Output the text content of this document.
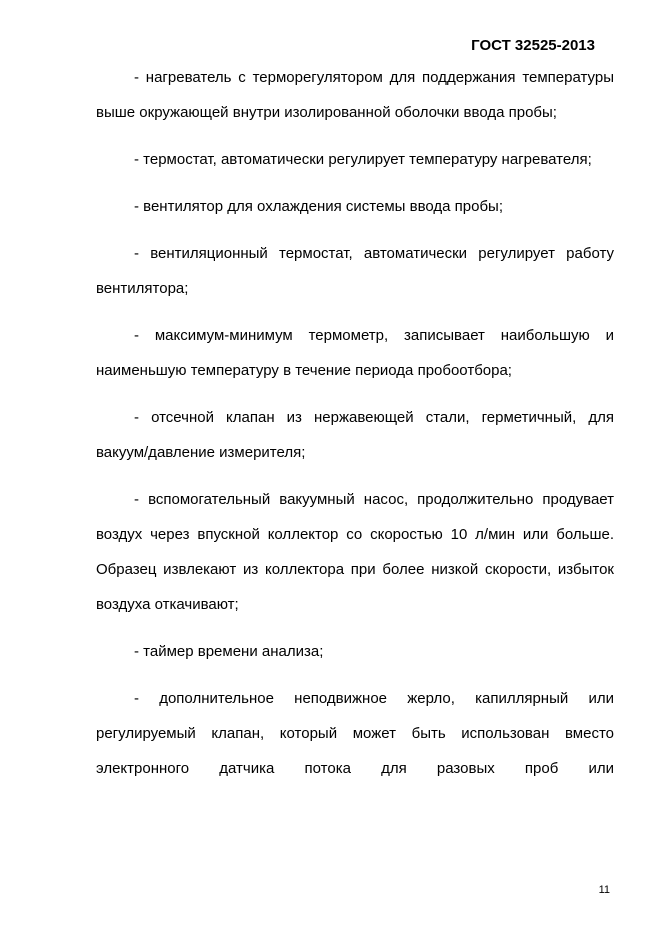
ГОСТ 32525-2013

- нагреватель с терморегулятором для поддержания температуры выше окружающей внутри изолированной оболочки ввода пробы;

- термостат, автоматически регулирует температуру нагревателя;

- вентилятор для охлаждения системы ввода пробы;

- вентиляционный термостат, автоматически регулирует работу вентилятора;

- максимум-минимум термометр, записывает наибольшую и наименьшую температуру в течение периода пробоотбора;

- отсечной клапан из нержавеющей стали, герметичный, для вакуум/давление измерителя;

- вспомогательный вакуумный насос, продолжительно продувает воздух через впускной коллектор со скоростью 10 л/мин или больше. Образец извлекают из коллектора при более низкой скорости, избыток воздуха откачивают;

- таймер времени анализа;

- дополнительное неподвижное жерло, капиллярный или регулируемый клапан, который может быть использован вместо электронного датчика потока для разовых проб или

11
